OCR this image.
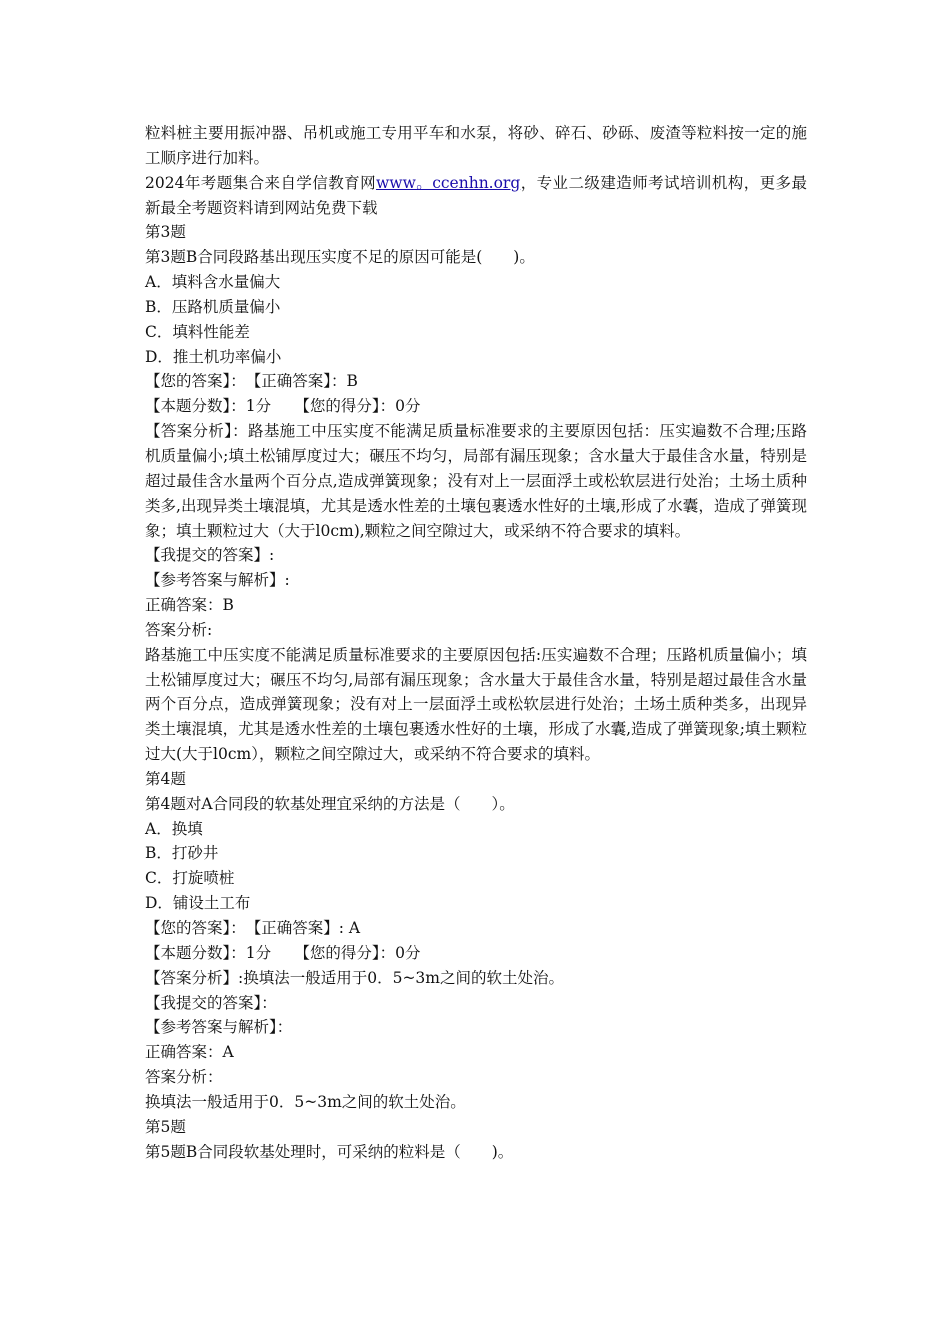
粒料桩主要用振冲器、吊机或施工专用平车和水泵，将砂、碎石、砂砾、废渣等粒料按一定的施工顺序进行加料。

2024年考题集合来自学信教育网www。ccenhn.org，专业二级建造师考试培训机构，更多最新最全考题资料请到网站免费下载

第3题

第3题B合同段路基出现压实度不足的原因可能是(　　)。

A．填料含水量偏大

B．压路机质量偏小

C．填料性能差

D．推土机功率偏小

【您的答案】：　【正确答案】：B

【本题分数】：1分　　【您的得分】：0分

【答案分析】：路基施工中压实度不能满足质量标准要求的主要原因包括：压实遍数不合理;压路机质量偏小;填土松铺厚度过大；碾压不均匀，局部有漏压现象；含水量大于最佳含水量，特别是超过最佳含水量两个百分点,造成弹簧现象；没有对上一层面浮土或松软层进行处治；土场土质种类多,出现异类土壤混填，尤其是透水性差的土壤包裹透水性好的土壤,形成了水囊，造成了弹簧现象；填土颗粒过大（大于l0cm),颗粒之间空隙过大，或采纳不符合要求的填料。

【我提交的答案】:

【参考答案与解析】:

正确答案：B

答案分析:

路基施工中压实度不能满足质量标准要求的主要原因包括:压实遍数不合理；压路机质量偏小；填土松铺厚度过大；碾压不均匀,局部有漏压现象；含水量大于最佳含水量，特别是超过最佳含水量两个百分点，造成弹簧现象；没有对上一层面浮土或松软层进行处治；土场土质种类多，出现异类土壤混填，尤其是透水性差的土壤包裹透水性好的土壤，形成了水囊,造成了弹簧现象;填土颗粒过大(大于l0cm），颗粒之间空隙过大，或采纳不符合要求的填料。

第4题

第4题对A合同段的软基处理宜采纳的方法是（　　）。

A．换填

B．打砂井

C．打旋喷桩

D．铺设土工布

【您的答案】：　【正确答案】: A

【本题分数】：1分　　【您的得分】：0分

【答案分析】:换填法一般适用于0．5~3m之间的软土处治。

【我提交的答案】：

【参考答案与解析】：

正确答案：A

答案分析：

换填法一般适用于0．5~3m之间的软土处治。

第5题

第5题B合同段软基处理时，可采纳的粒料是（　　)。
